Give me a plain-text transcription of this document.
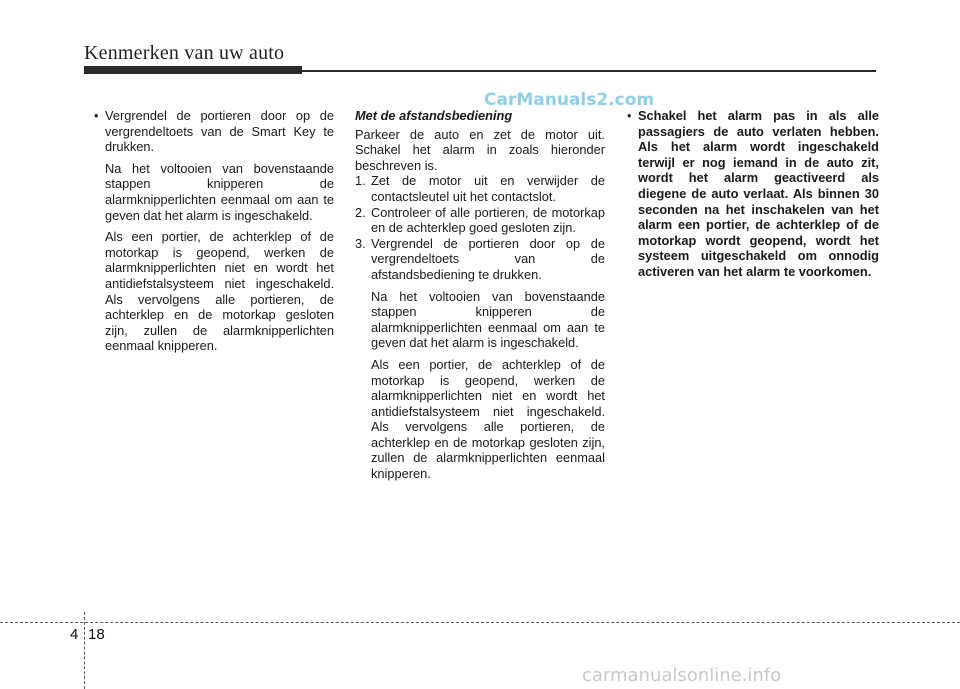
Kenmerken van uw auto
CarManuals2.com

• Vergrendel de portieren door op de vergrendeltoets van de Smart Key te drukken.

Na het voltooien van bovenstaande stappen knipperen de alarmknipperlichten eenmaal om aan te geven dat het alarm is ingeschakeld.

Als een portier, de achterklep of de motorkap is geopend, werken de alarmknipperlichten niet en wordt het antidiefstalsysteem niet ingeschakeld. Als vervolgens alle portieren, de achterklep en de motorkap gesloten zijn, zullen de alarmknipperlichten eenmaal knipperen.

Met de afstandsbediening

Parkeer de auto en zet de motor uit. Schakel het alarm in zoals hieronder beschreven is.

1. Zet de motor uit en verwijder de contactsleutel uit het contactslot.

2. Controleer of alle portieren, de motorkap en de achterklep goed gesloten zijn.

3. Vergrendel de portieren door op de vergrendeltoets van de afstandsbediening te drukken.

Na het voltooien van bovenstaande stappen knipperen de alarmknipperlichten eenmaal om aan te geven dat het alarm is ingeschakeld.

Als een portier, de achterklep of de motorkap is geopend, werken de alarmknipperlichten niet en wordt het antidiefstalsysteem niet ingeschakeld. Als vervolgens alle portieren, de achterklep en de motorkap gesloten zijn, zullen de alarmknipperlichten eenmaal knipperen.

• Schakel het alarm pas in als alle passagiers de auto verlaten hebben. Als het alarm wordt ingeschakeld terwijl er nog iemand in de auto zit, wordt het alarm geactiveerd als diegene de auto verlaat. Als binnen 30 seconden na het inschakelen van het alarm een portier, de achterklep of de motorkap wordt geopend, wordt het systeem uitgeschakeld om onnodig activeren van het alarm te voorkomen.

4 18
carmanualsonline.info
